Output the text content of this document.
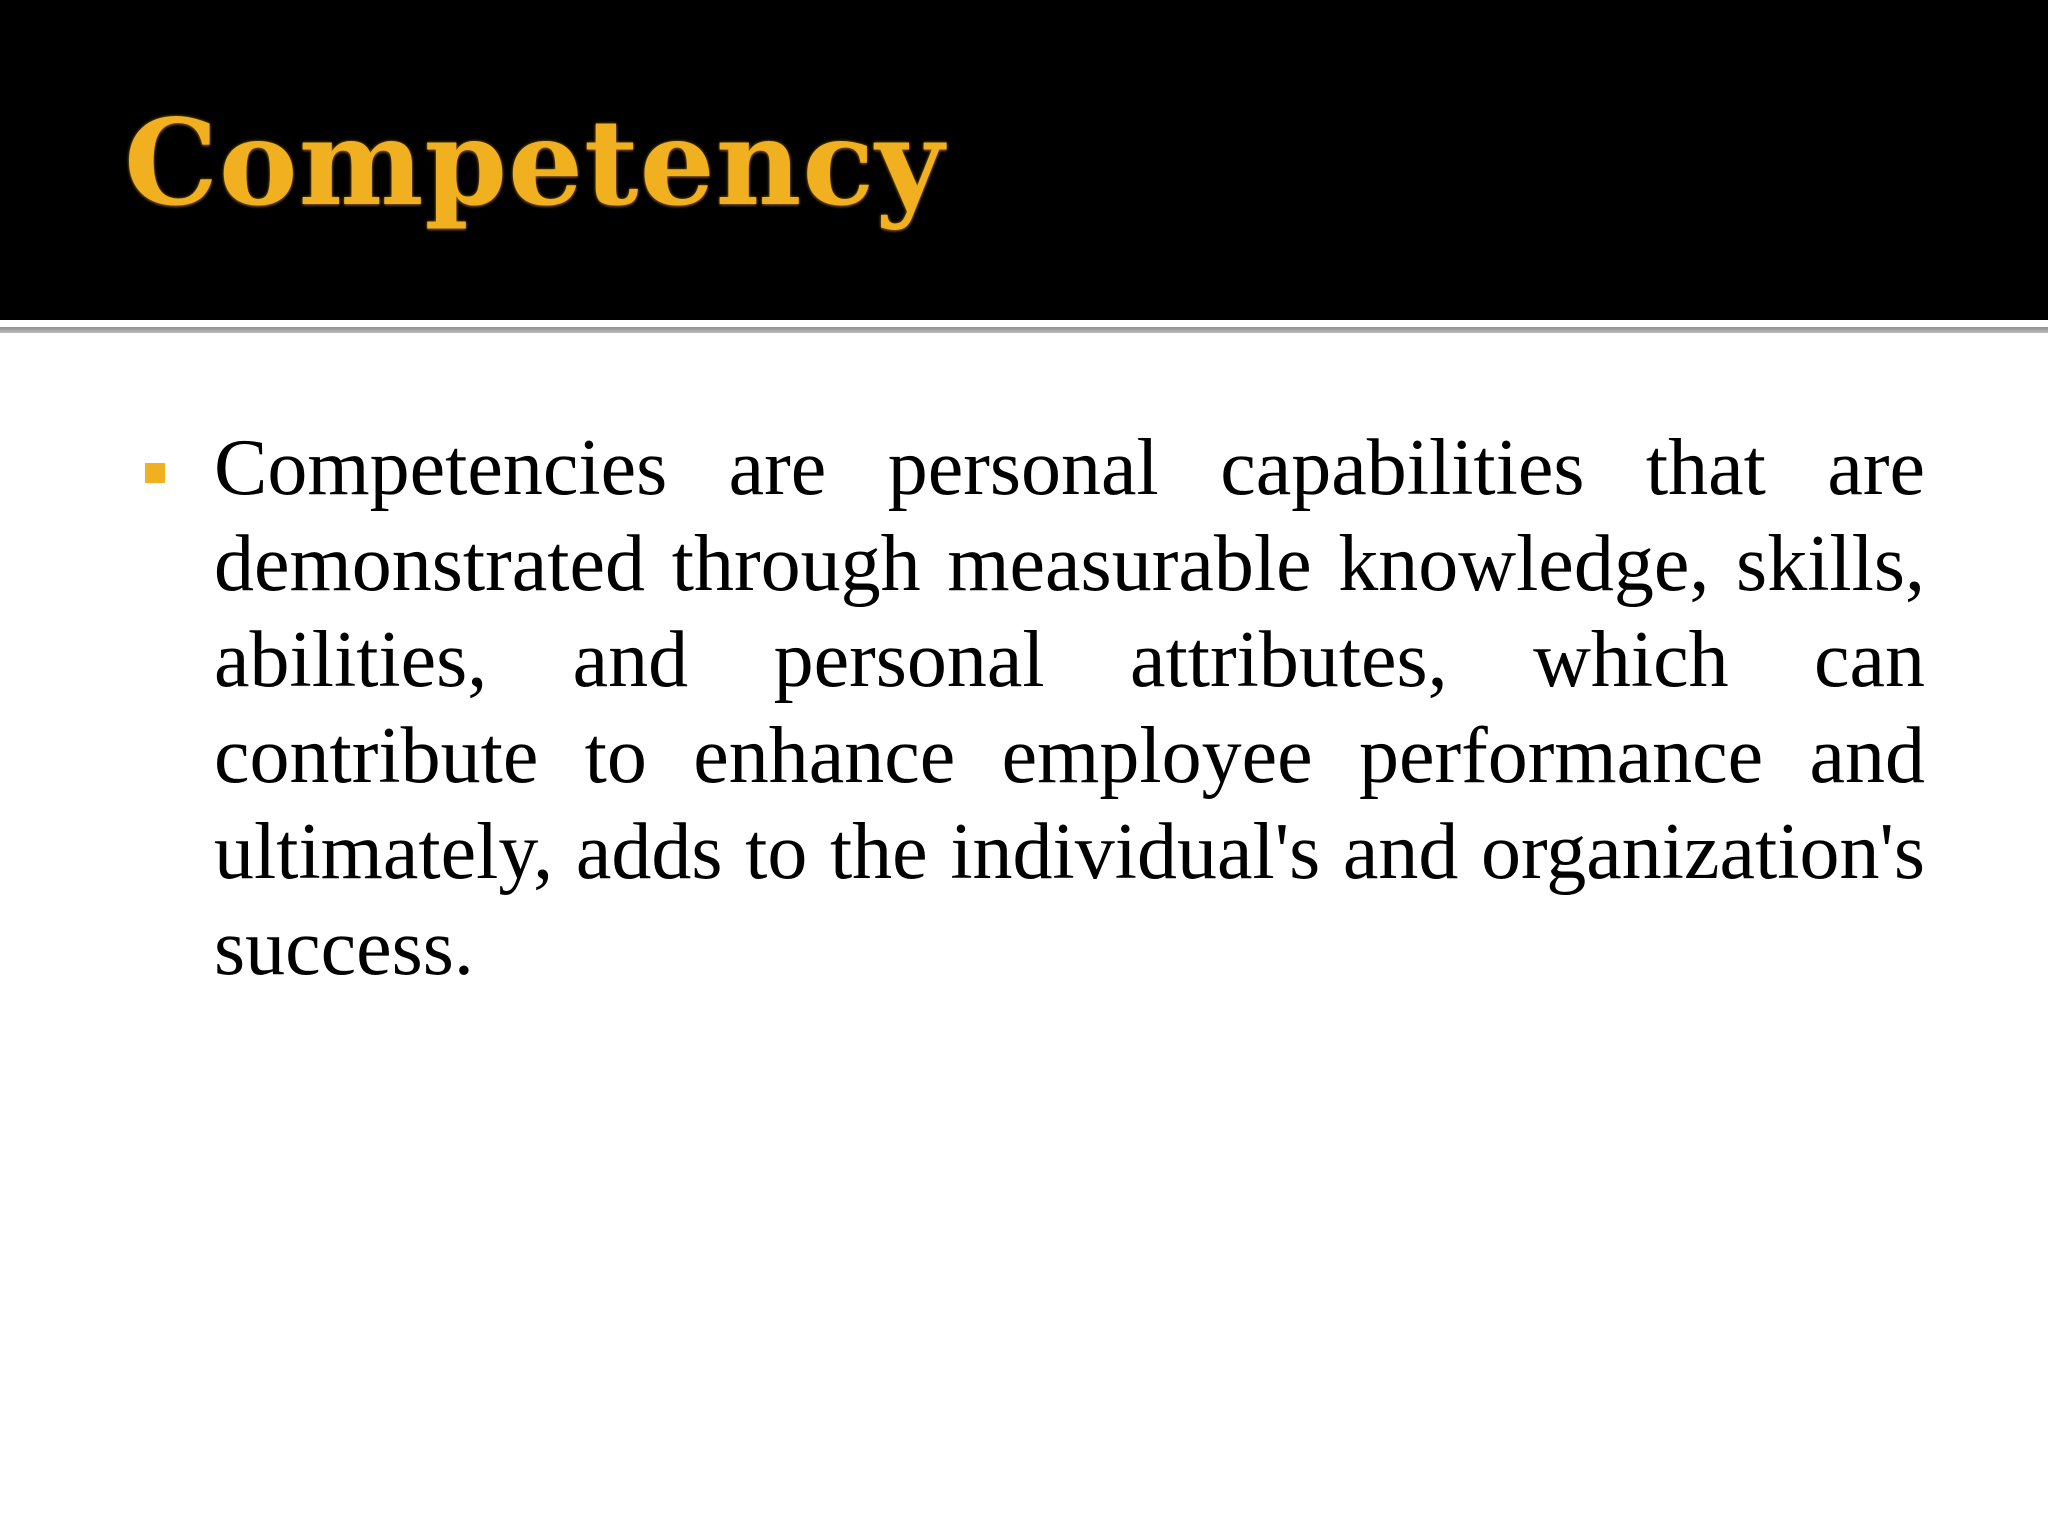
Competency

Competencies are personal capabilities that are demonstrated through measurable knowledge, skills, abilities, and personal attributes, which can contribute to enhance employee performance and ultimately, adds to the individual's and organization's success.
